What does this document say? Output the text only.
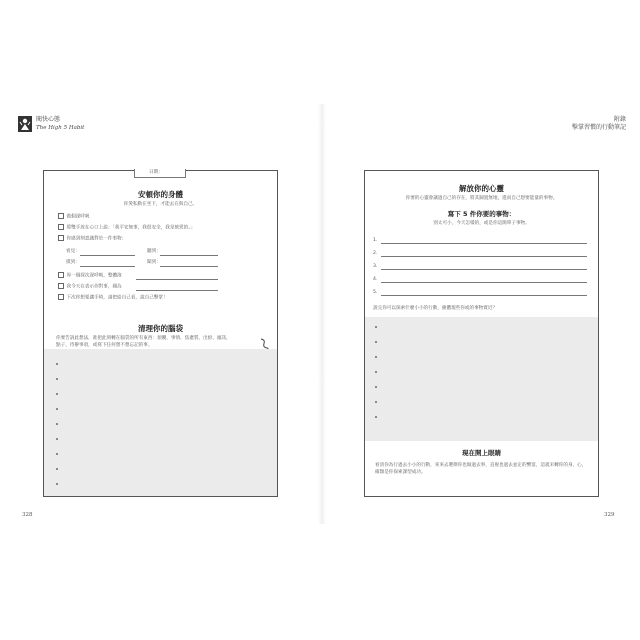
閱快心態
The High 5 Habit
附錄
擊掌習慣的行動筆記
日期：
安頓你的身體
你愛私動在坐下，才能去在與自己。
做個深呼吸
將雙手放在心口上說：「我平安無事，我很安全，我是被愛的。」
你感到刻意識對於一件事物：
看見：	聽到：
摸到：	聞到：
界一個採次深呼吸，整體溶
我今天在表示你對事，國為
下次你想要讓手時，請把給自己看，說自己擊掌！
清理你的腦袋
你要告訴此想法，准把此刻轉在腦袋的所有東西：煩擾、事情、焦慮質、出紛、頭訊、點子、待辦事項，或寫下任何想不想忘記的事。
解放你的心靈
你要的心靈會讓過自己的存在，將其歸置無地，進而自己想要能量的事物。
寫下 5 件你要的事物：
別太可小，今天怎樣的，或是你這簡單子事物。
1.
2.
3.
4.
5.
說完你可以探索什麼小小的行動，慶體現些你或的事物實近？
現在開上眼睛
看清你為行過去小小的行動，來來去選擇你也做過去事，直視也過去並定的響宴，這就未轉你的身、心，確類是你探索課型成功。
328	329
